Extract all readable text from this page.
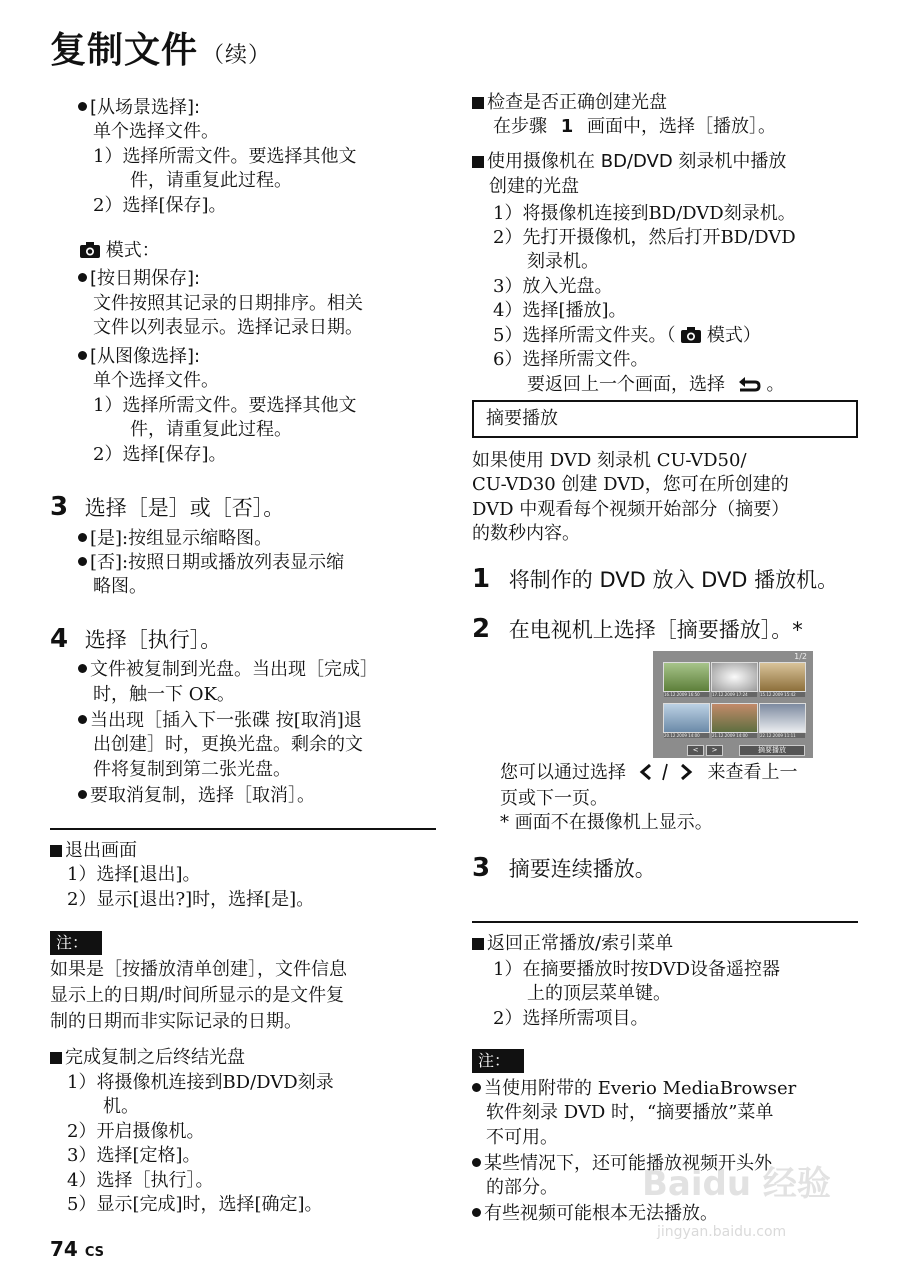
复制文件 （续）
[从场景选择]:
单个选择文件。
1）选择所需文件。要选择其他文
件，请重复此过程。
2）选择[保存]。
模式：
[按日期保存]:
文件按照其记录的日期排序。相关
文件以列表显示。选择记录日期。
[从图像选择]:
单个选择文件。
1）选择所需文件。要选择其他文
件，请重复此过程。
2）选择[保存]。
3 选择［是］或［否］。
[是]:按组显示缩略图。
[否]:按照日期或播放列表显示缩
略图。
4 选择［执行］。
文件被复制到光盘。当出现［完成］
时，触一下 OK。
当出现［插入下一张碟 按[取消]退
出创建］时，更换光盘。剩余的文
件将复制到第二张光盘。
要取消复制，选择［取消］。
退出画面
1）选择[退出]。
2）显示[退出?]时，选择[是]。
注：
如果是［按播放清单创建］，文件信息
显示上的日期/时间所显示的是文件复
制的日期而非实际记录的日期。
完成复制之后终结光盘
1）将摄像机连接到BD/DVD刻录
机。
2）开启摄像机。
3）选择[定格]。
4）选择［执行］。
5）显示[完成]时，选择[确定]。
74 CS
检查是否正确创建光盘
在步骤 1 画面中，选择［播放］。
使用摄像机在 BD/DVD 刻录机中播放
创建的光盘
1）将摄像机连接到BD/DVD刻录机。
2）先打开摄像机，然后打开BD/DVD
刻录机。
3）放入光盘。
4）选择[播放]。
5）选择所需文件夹。（ 模式）
6）选择所需文件。
要返回上一个画面，选择 。
摘要播放
如果使用 DVD 刻录机 CU-VD50/
CU-VD30 创建 DVD，您可在所创建的
DVD 中观看每个视频开始部分（摘要）
的数秒内容。
1 将制作的 DVD 放入 DVD 播放机。
2 在电视机上选择［摘要播放］。*
1/2
16.12.2009 16:50	17.12.2009 17:24	15.12.2009 15:42
20.12.2009 14:00	21.12.2009 14:00	22.12.2009 11:11
<	>	摘要播放
您可以通过选择	来查看上一
页或下一页。
* 画面不在摄像机上显示。
3 摘要连续播放。
返回正常播放/索引菜单
1）在摘要播放时按DVD设备遥控器
上的顶层菜单键。
2）选择所需项目。
注：
当使用附带的 Everio MediaBrowser
软件刻录 DVD 时，“摘要播放”菜单
不可用。
某些情况下，还可能播放视频开头外
的部分。
有些视频可能根本无法播放。
Baidu 经验
jingyan.baidu.com
